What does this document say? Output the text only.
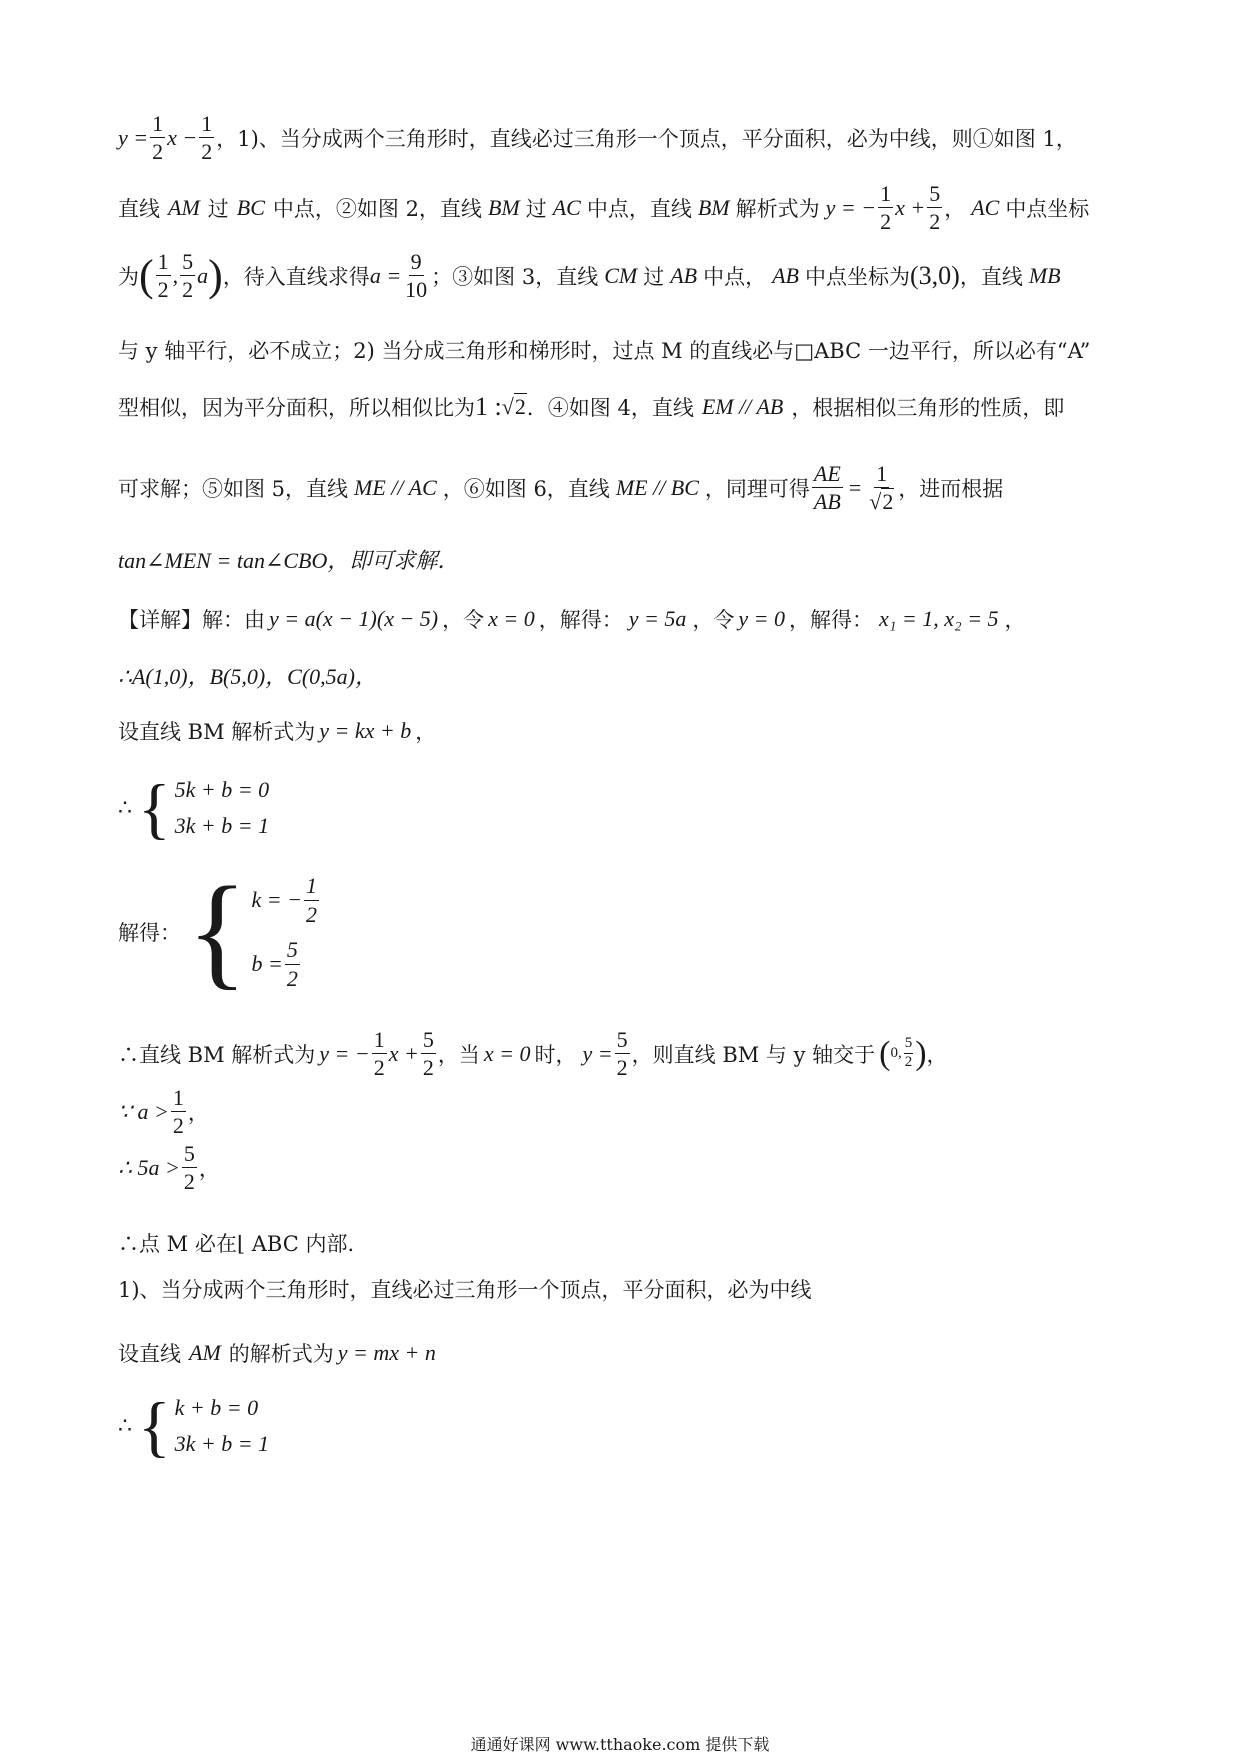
$y = \frac{1}{2}$ $x - \frac{1}{2}$ ，1)、当分成两个三角形时，直线必过三角形一个顶点，平分面积，必为中线，则①如图 1，
直线 AM 过 BC 中点，②如图 2，直线 BM 过 AC 中点，直线 BM 解析式为 y = − $\frac{1}{2}$ $x + \frac{5}{2}$ ， AC 中点坐标
为 ( $\frac{1}{2}$ , $\frac{5}{2}$ a ) ，待入直线求得 $a = \frac{9}{10}$ ；③如图 3，直线 CM 过 AB 中点， AB 中点坐标为 (3,0) ，直线 MB
与 y 轴平行，必不成立；2) 当分成三角形和梯形时，过点 M 的直线必与□ABC 一边平行，所以必有“A”
型相似，因为平分面积，所以相似比为 1 : √2 ．④如图 4，直线 EM // AB ，根据相似三角形的性质，即
可求解；⑤如图 5，直线 ME // AC ，⑥如图 6，直线 ME // BC ，同理可得 $\frac{AE}{AB} = \frac{1}{√2}$ ，进而根据
tan∠MEN = tan∠CBO，即可求解．
【详解】解：由 y = a(x − 1)(x − 5) ，令 x = 0 ，解得： y = 5a ，令 y = 0 ，解得： x₁ = 1, x₂ = 5 ，
∴A(1,0)，B(5,0)，C(0,5a)，
设直线 BM 解析式为 y = kx + b ，
∴ { 5k + b = 0
3k + b = 1
解得： { k = − $\frac{1}{2}$
$b = \frac{5}{2}$
∴直线 BM 解析式为 y = − $\frac{1}{2}$ $x + \frac{5}{2}$ ，当 x = 0 时， $y = \frac{5}{2}$ ，则直线 BM 与 y 轴交于 ( 0, $\frac{5}{2}$ ) ，
∵ $a > \frac{1}{2}$ ，
∴ $5a > \frac{5}{2}$ ，
∴点 M 必在⌊ ABC 内部．
1)、当分成两个三角形时，直线必过三角形一个顶点，平分面积，必为中线
设直线 AM 的解析式为 y = mx + n
∴ { k + b = 0
3k + b = 1
通通好课网 www.tthaoke.com 提供下载
